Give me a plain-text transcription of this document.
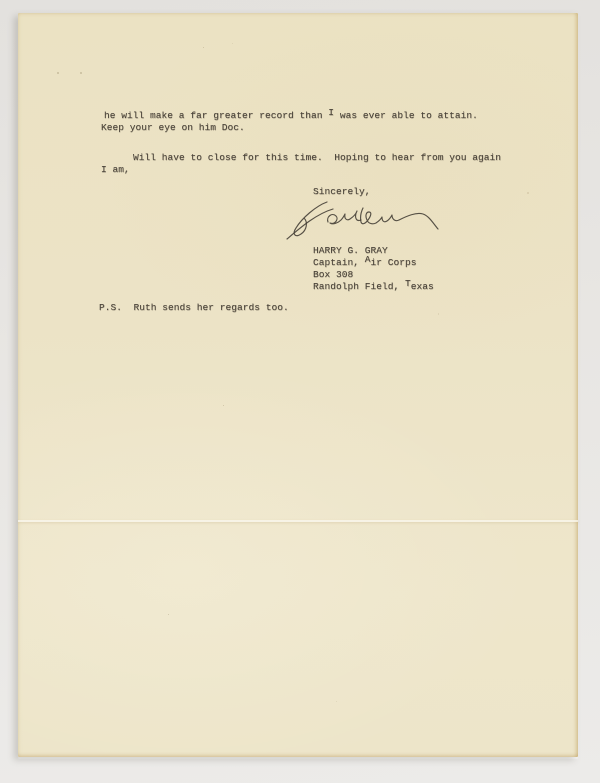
he will make a far greater record than I was ever able to attain.
Keep your eye on him Doc.
Will have to close for this time.  Hoping to hear from you again
I am,
Sincerely,
HARRY G. GRAY
Captain, Air Corps
Box 308
Randolph Field, Texas
P.S.  Ruth sends her regards too.
